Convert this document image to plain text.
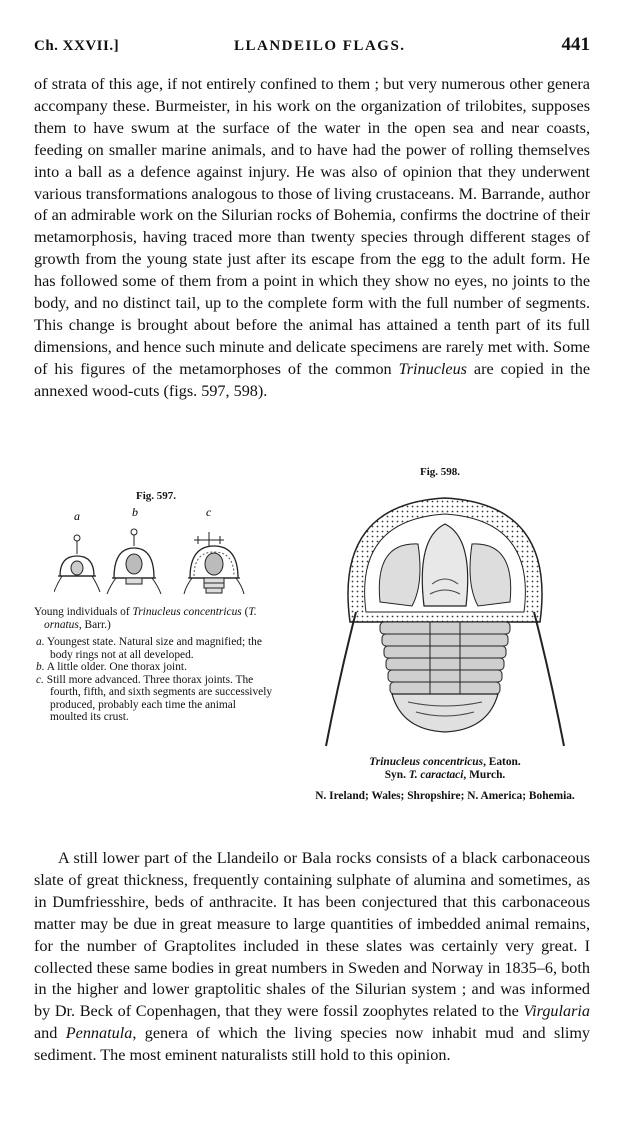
Ch. XXVII.]	LLANDEILO FLAGS.	441

of strata of this age, if not entirely confined to them ; but very numerous other genera accompany these. Burmeister, in his work on the organization of trilobites, supposes them to have swum at the surface of the water in the open sea and near coasts, feeding on smaller marine animals, and to have had the power of rolling themselves into a ball as a defence against injury. He was also of opinion that they underwent various transformations analogous to those of living crustaceans. M. Barrande, author of an admirable work on the Silurian rocks of Bohemia, confirms the doctrine of their metamorphosis, having traced more than twenty species through different stages of growth from the young state just after its escape from the egg to the adult form. He has followed some of them from a point in which they show no eyes, no joints to the body, and no distinct tail, up to the complete form with the full number of segments. This change is brought about before the animal has attained a tenth part of its full dimensions, and hence such minute and delicate specimens are rarely met with. Some of his figures of the metamorphoses of the common Trinucleus are copied in the annexed wood-cuts (figs. 597, 598).

Fig. 597.
a	b	c

Young individuals of Trinucleus concentricus (T. ornatus, Barr.)

a. Youngest state. Natural size and magnified; the body rings not at all developed.
b. A little older. One thorax joint.
c. Still more advanced. Three thorax joints. The fourth, fifth, and sixth segments are successively produced, probably each time the animal moulted its crust.
Fig. 598.

Trinucleus concentricus, Eaton.

Syn. T. caractaci, Murch.

N. Ireland; Wales; Shropshire; N. America; Bohemia.

A still lower part of the Llandeilo or Bala rocks consists of a black carbonaceous slate of great thickness, frequently containing sulphate of alumina and sometimes, as in Dumfriesshire, beds of anthracite. It has been conjectured that this carbonaceous matter may be due in great measure to large quantities of imbedded animal remains, for the number of Graptolites included in these slates was certainly very great. I collected these same bodies in great numbers in Sweden and Norway in 1835–6, both in the higher and lower graptolitic shales of the Silurian system ; and was informed by Dr. Beck of Copenhagen, that they were fossil zoophytes related to the Virgularia and Pennatula, genera of which the living species now inhabit mud and slimy sediment. The most eminent naturalists still hold to this opinion.
